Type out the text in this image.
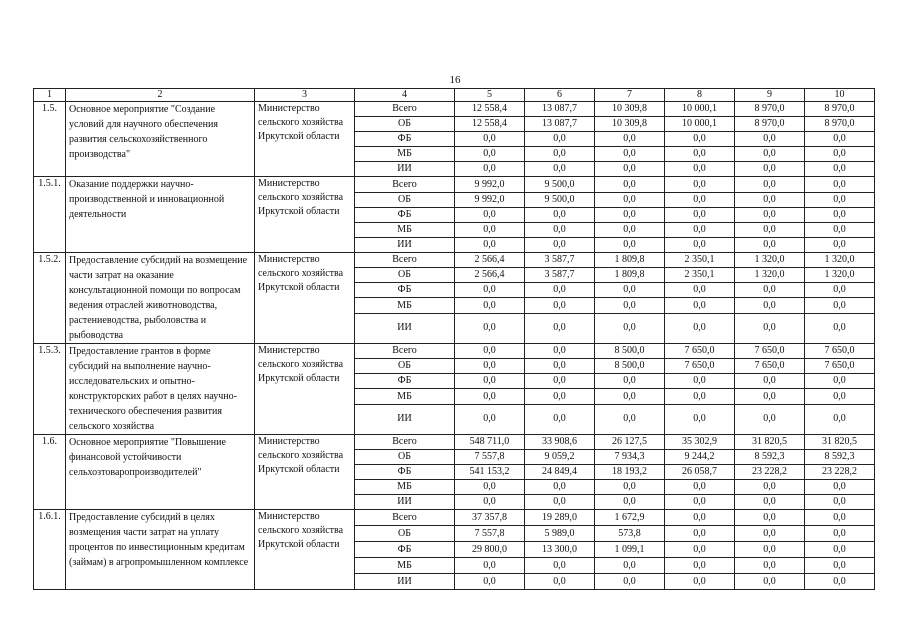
16
1	2	3	4	5	6	7	8	9	10
1.5.	Основное мероприятие "Создание условий для научного обеспечения развития сельскохозяйственного производства"	Министерство сельского хозяйства Иркутской области	Всего	12 558,4	13 087,7	10 309,8	10 000,1	8 970,0	8 970,0
			ОБ	12 558,4	13 087,7	10 309,8	10 000,1	8 970,0	8 970,0
			ФБ	0,0	0,0	0,0	0,0	0,0	0,0
			МБ	0,0	0,0	0,0	0,0	0,0	0,0
			ИИ	0,0	0,0	0,0	0,0	0,0	0,0
1.5.1.	Оказание поддержки научно-производственной и инновационной деятельности	Министерство сельского хозяйства Иркутской области	Всего	9 992,0	9 500,0	0,0	0,0	0,0	0,0
			ОБ	9 992,0	9 500,0	0,0	0,0	0,0	0,0
			ФБ	0,0	0,0	0,0	0,0	0,0	0,0
			МБ	0,0	0,0	0,0	0,0	0,0	0,0
			ИИ	0,0	0,0	0,0	0,0	0,0	0,0
1.5.2.	Предоставление субсидий на возмещение части затрат на оказание консультационной помощи по вопросам ведения отраслей животноводства, растениеводства, рыболовства и рыбоводства	Министерство сельского хозяйства Иркутской области	Всего	2 566,4	3 587,7	1 809,8	2 350,1	1 320,0	1 320,0
			ОБ	2 566,4	3 587,7	1 809,8	2 350,1	1 320,0	1 320,0
			ФБ	0,0	0,0	0,0	0,0	0,0	0,0
			МБ	0,0	0,0	0,0	0,0	0,0	0,0
			ИИ	0,0	0,0	0,0	0,0	0,0	0,0
1.5.3.	Предоставление грантов в форме субсидий на выполнение научно-исследовательских и опытно-конструкторских работ в целях научно-технического обеспечения развития сельского хозяйства	Министерство сельского хозяйства Иркутской области	Всего	0,0	0,0	8 500,0	7 650,0	7 650,0	7 650,0
			ОБ	0,0	0,0	8 500,0	7 650,0	7 650,0	7 650,0
			ФБ	0,0	0,0	0,0	0,0	0,0	0,0
			МБ	0,0	0,0	0,0	0,0	0,0	0,0
			ИИ	0,0	0,0	0,0	0,0	0,0	0,0
1.6.	Основное мероприятие "Повышение финансовой устойчивости сельхозтоваропроизводителей"	Министерство сельского хозяйства Иркутской области	Всего	548 711,0	33 908,6	26 127,5	35 302,9	31 820,5	31 820,5
			ОБ	7 557,8	9 059,2	7 934,3	9 244,2	8 592,3	8 592,3
			ФБ	541 153,2	24 849,4	18 193,2	26 058,7	23 228,2	23 228,2
			МБ	0,0	0,0	0,0	0,0	0,0	0,0
			ИИ	0,0	0,0	0,0	0,0	0,0	0,0
1.6.1.	Предоставление субсидий в целях возмещения части затрат на уплату процентов по инвестиционным кредитам (займам) в агропромышленном комплексе	Министерство сельского хозяйства Иркутской области	Всего	37 357,8	19 289,0	1 672,9	0,0	0,0	0,0
			ОБ	7 557,8	5 989,0	573,8	0,0	0,0	0,0
			ФБ	29 800,0	13 300,0	1 099,1	0,0	0,0	0,0
			МБ	0,0	0,0	0,0	0,0	0,0	0,0
			ИИ	0,0	0,0	0,0	0,0	0,0	0,0
